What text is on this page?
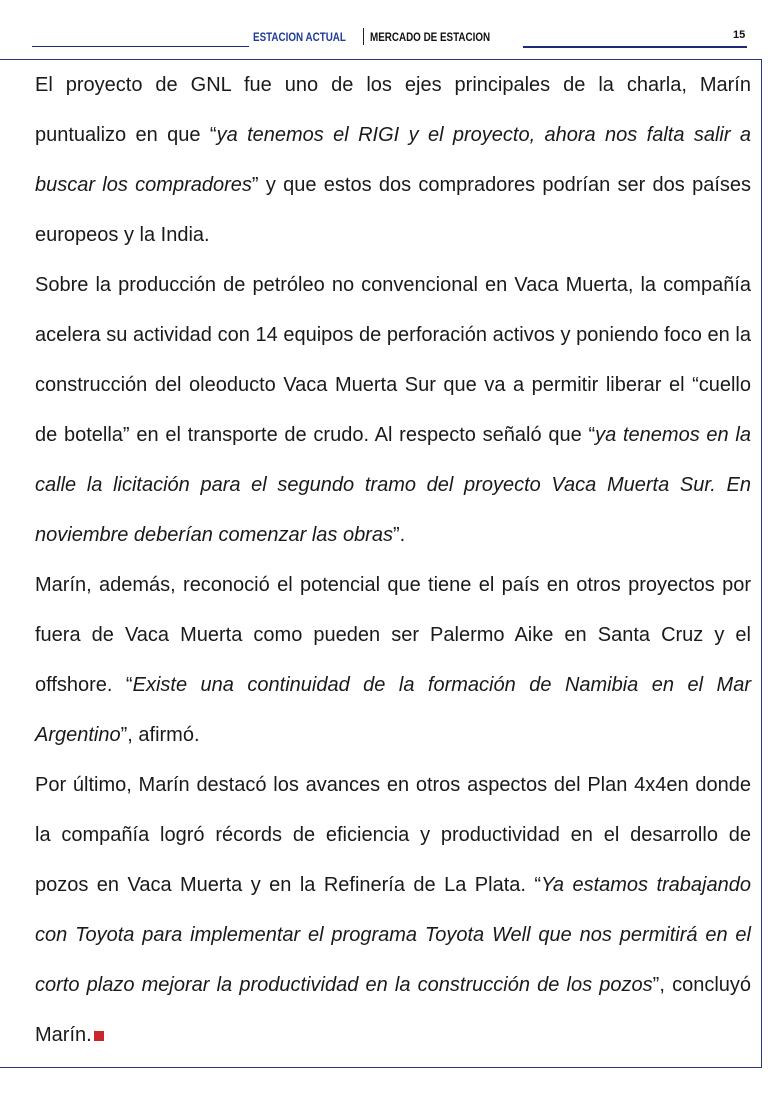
ESTACION ACTUAL MERCADO DE ESTACION	15

El proyecto de GNL fue uno de los ejes principales de la charla, Marín puntualizo en que “ya tenemos el RIGI y el proyecto, ahora nos falta salir a buscar los compradores” y que estos dos compradores podrían ser dos países europeos y la India.

Sobre la producción de petróleo no convencional en Vaca Muerta, la compañía acelera su actividad con 14 equipos de perforación activos y poniendo foco en la construcción del oleoducto Vaca Muerta Sur que va a permitir liberar el “cuello de botella” en el transporte de crudo. Al respecto señaló que “ya tenemos en la calle la licitación para el segundo tramo del proyecto Vaca Muerta Sur. En noviembre deberían comenzar las obras”.

Marín, además, reconoció el potencial que tiene el país en otros proyectos por fuera de Vaca Muerta como pueden ser Palermo Aike en Santa Cruz y el offshore. “Existe una continuidad de la formación de Namibia en el Mar Argentino”, afirmó.

Por último, Marín destacó los avances en otros aspectos del Plan 4x4en donde la compañía logró récords de eficiencia y productividad en el desarrollo de pozos en Vaca Muerta y en la Refinería de La Plata. “Ya estamos trabajando con Toyota para implementar el programa Toyota Well que nos permitirá en el corto plazo mejorar la productividad en la construcción de los pozos”, concluyó Marín.
